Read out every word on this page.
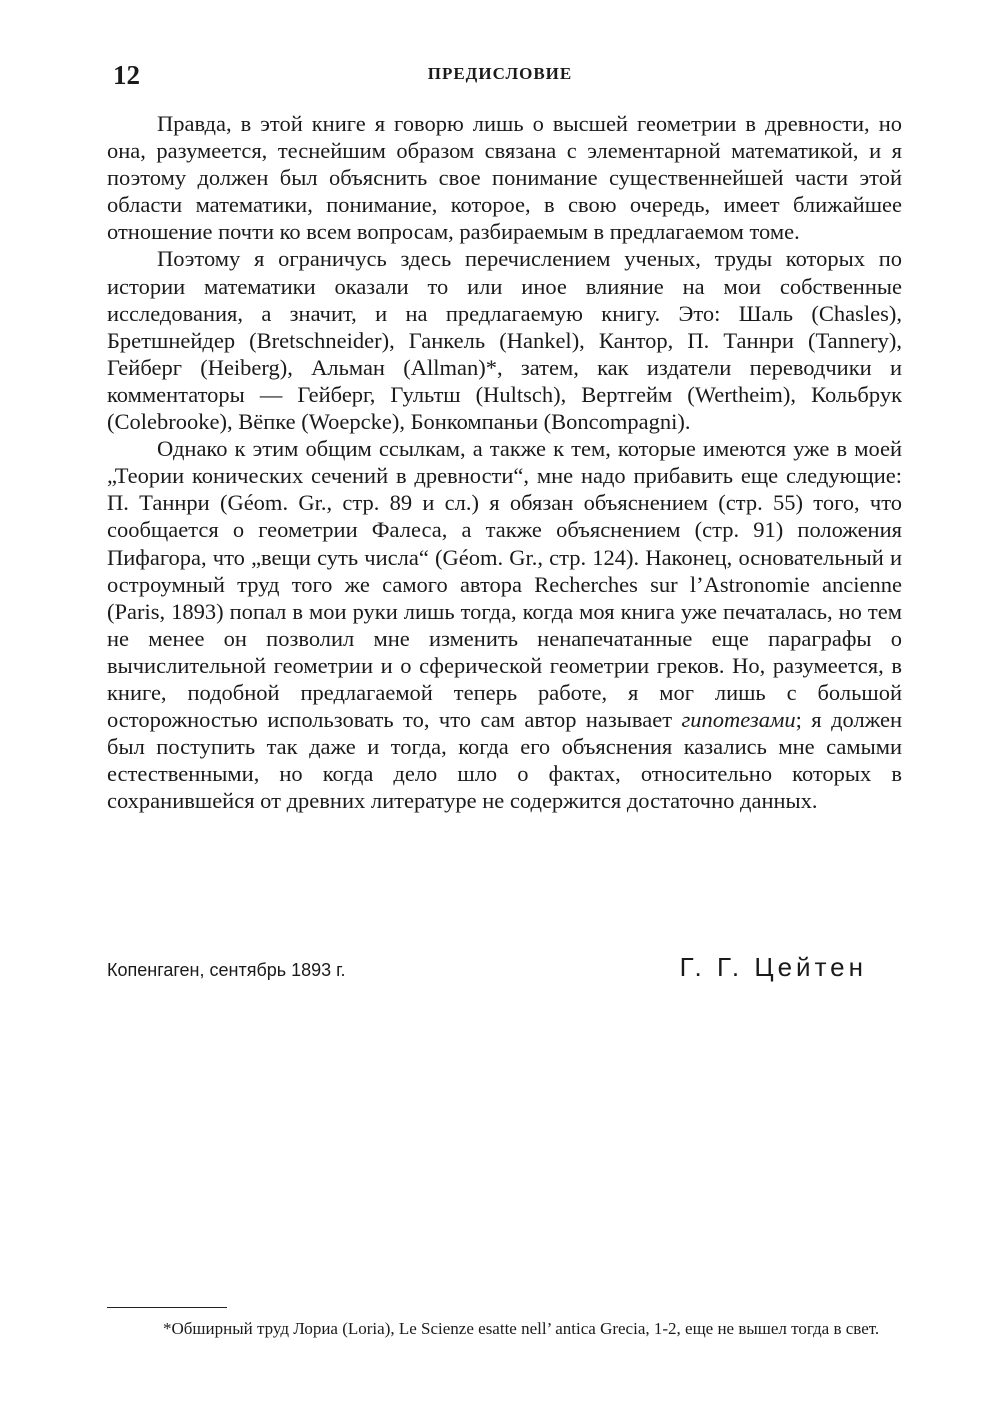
12	ПРЕДИСЛОВИЕ

Правда, в этой книге я говорю лишь о высшей геометрии в древности, но она, разумеется, теснейшим образом связана с элементарной математикой, и я поэтому должен был объяснить свое понимание существеннейшей части этой области математики, понимание, которое, в свою очередь, имеет ближайшее отношение почти ко всем вопросам, разбираемым в предлагаемом томе.

Поэтому я ограничусь здесь перечислением ученых, труды которых по истории математики оказали то или иное влияние на мои собственные исследования, а значит, и на предлагаемую книгу. Это: Шаль (Chasles), Бретшнейдер (Bretschneider), Ганкель (Hankel), Кантор, П. Таннри (Tannery), Гейберг (Heiberg), Альман (Allman)*, затем, как издатели переводчики и комментаторы — Гейберг, Гультш (Hultsch), Вертгейм (Wertheim), Кольбрук (Colebrooke), Вёпке (Woepcke), Бонкомпаньи (Boncompagni).

Однако к этим общим ссылкам, а также к тем, которые имеются уже в моей „Теории конических сечений в древности“, мне надо прибавить еще следующие: П. Таннри (Géom. Gr., стр. 89 и сл.) я обязан объяснением (стр. 55) того, что сообщается о геометрии Фалеса, а также объяснением (стр. 91) положения Пифагора, что „вещи суть числа“ (Géom. Gr., стр. 124). Наконец, основательный и остроумный труд того же самого автора Recherches sur l’Astronomie ancienne (Paris, 1893) попал в мои руки лишь тогда, когда моя книга уже печаталась, но тем не менее он позволил мне изменить ненапечатанные еще параграфы о вычислительной геометрии и о сферической геометрии греков. Но, разумеется, в книге, подобной предлагаемой теперь работе, я мог лишь с большой осторожностью использовать то, что сам автор называет гипотезами; я должен был поступить так даже и тогда, когда его объяснения казались мне самыми естественными, но когда дело шло о фактах, относительно которых в сохранившейся от древних литературе не содержится достаточно данных.

Копенгаген, сентябрь 1893 г.	Г. Г. Цейтен

*Обширный труд Лориа (Loria), Le Scienze esatte nell’ antica Grecia, 1-2, еще не вышел тогда в свет.
